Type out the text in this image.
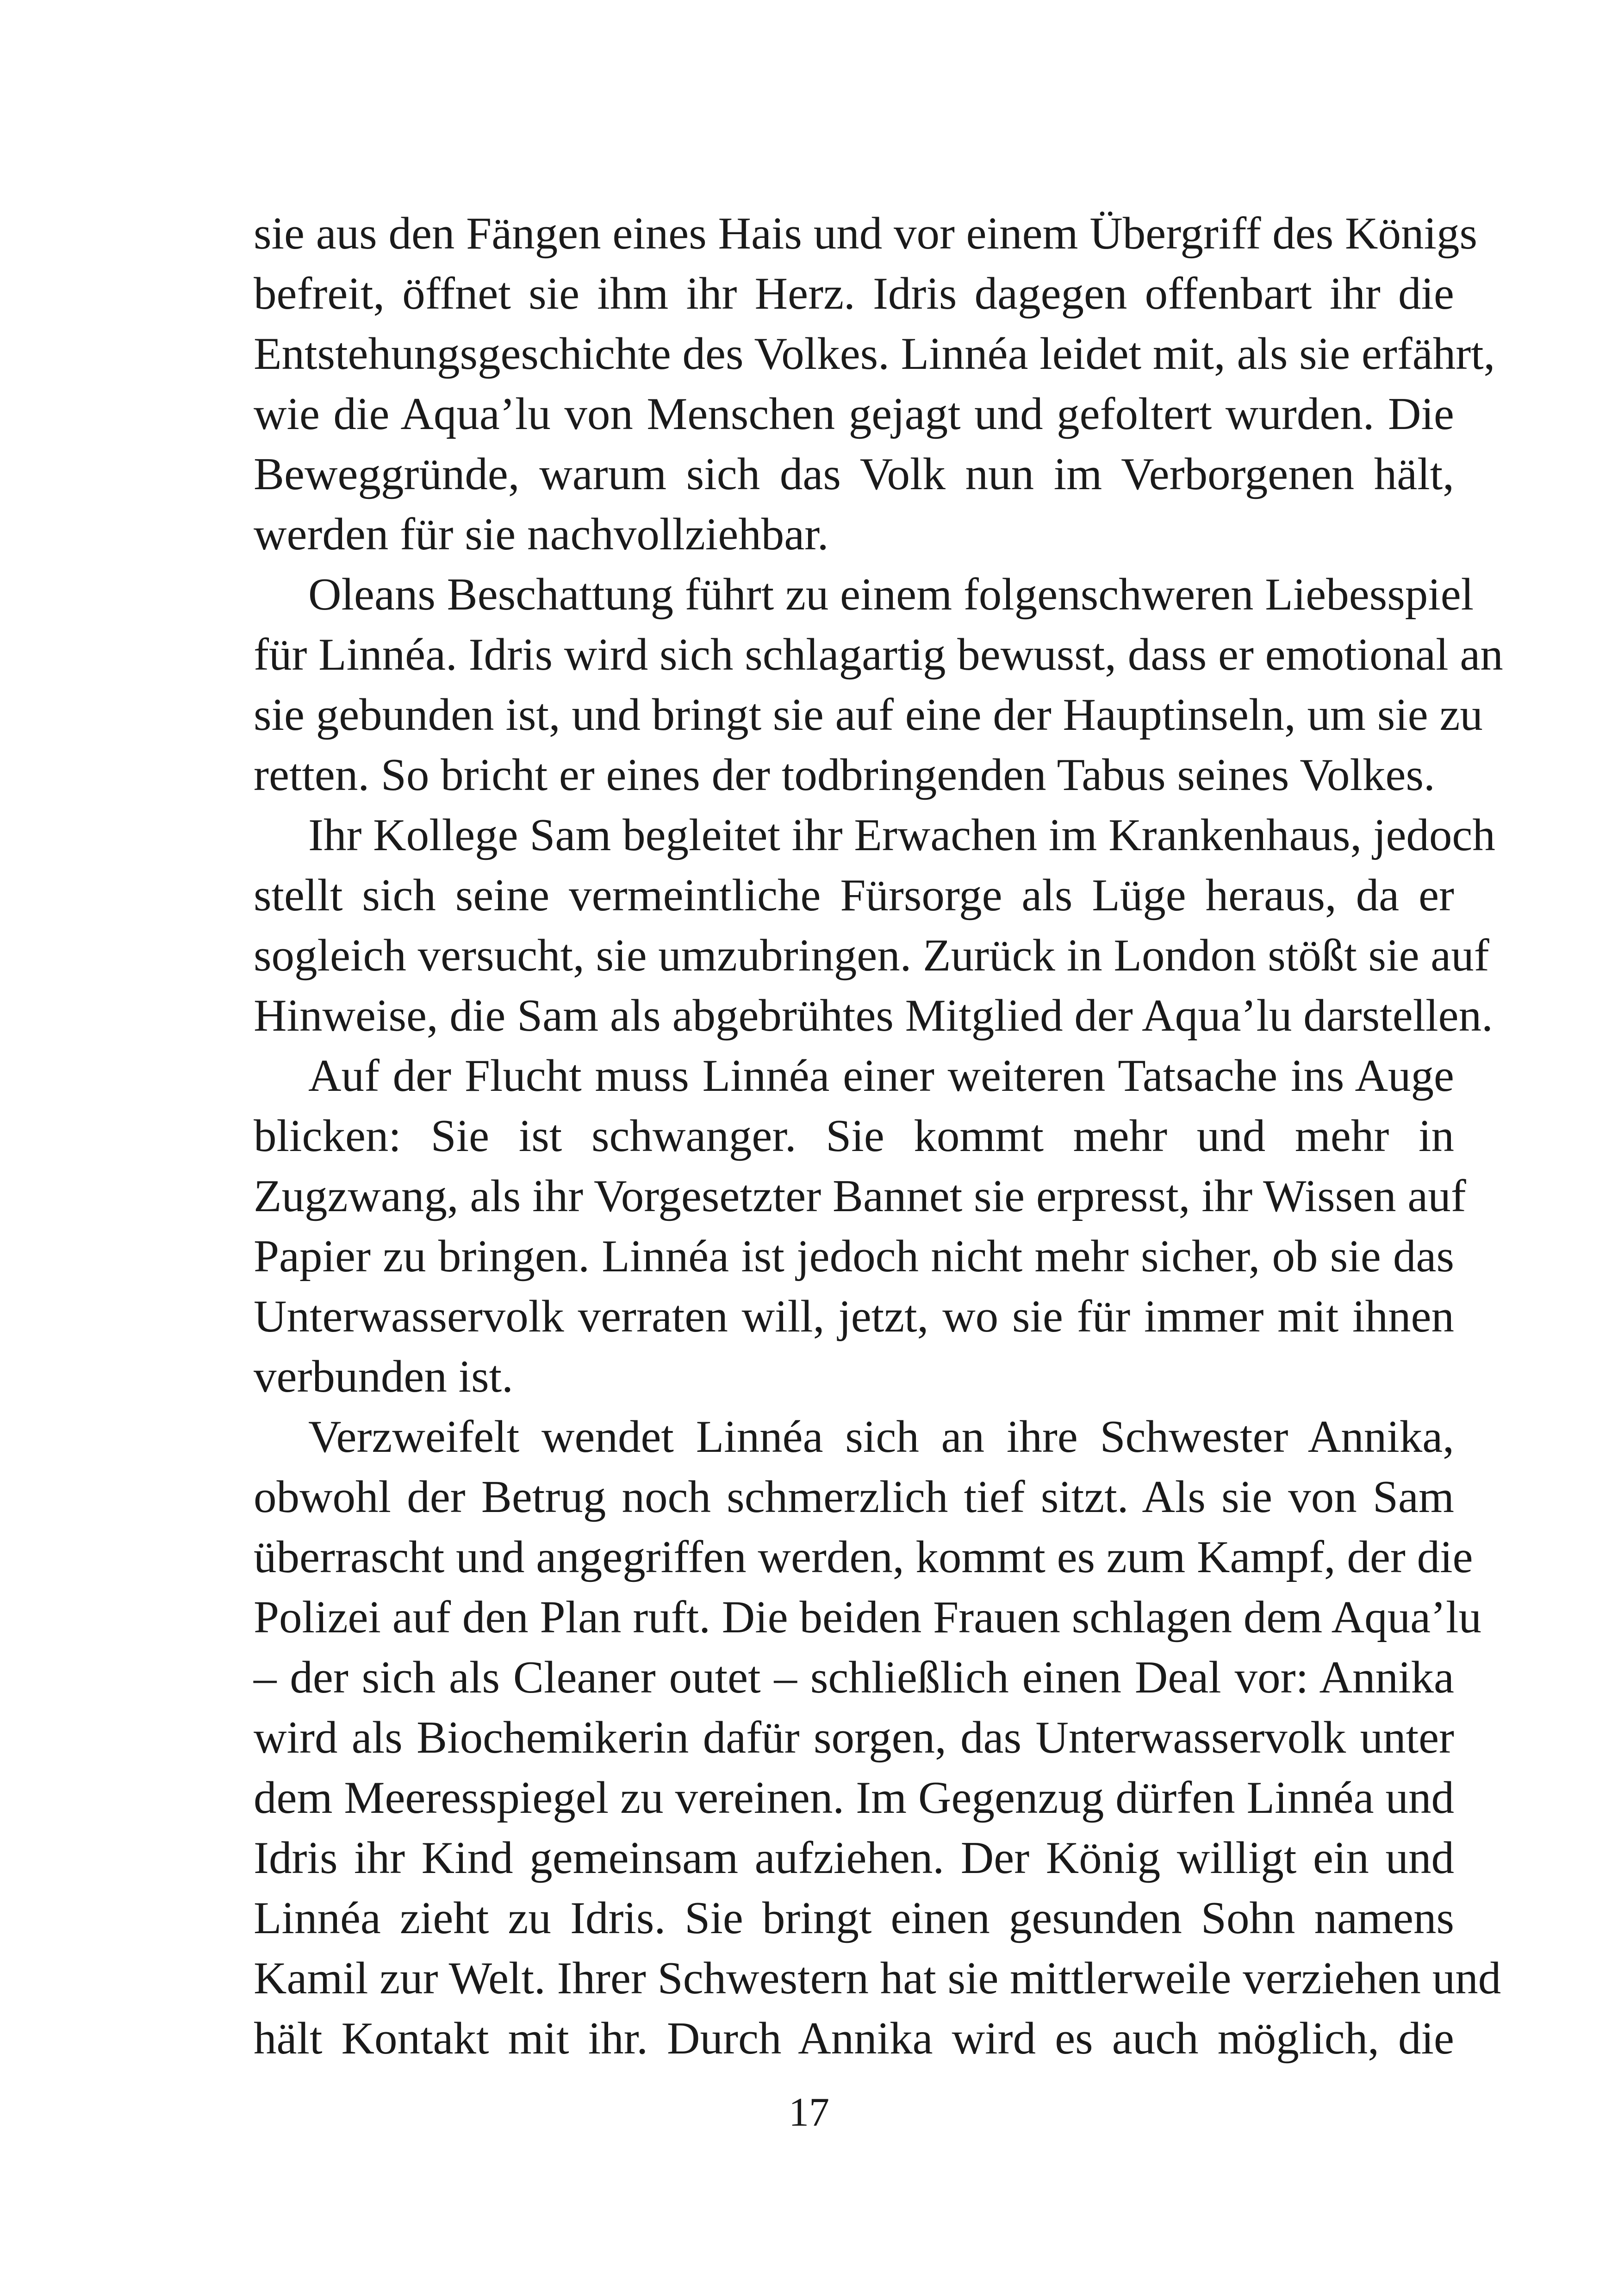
sie aus den Fängen eines Hais und vor einem Übergriff des Königs
befreit, öffnet sie ihm ihr Herz. Idris dagegen offenbart ihr die
Entstehungsgeschichte des Volkes. Linnéa leidet mit, als sie erfährt,
wie die Aqua’lu von Menschen gejagt und gefoltert wurden. Die
Beweggründe, warum sich das Volk nun im Verborgenen hält,
werden für sie nachvollziehbar.

Oleans Beschattung führt zu einem folgenschweren Liebesspiel
für Linnéa. Idris wird sich schlagartig bewusst, dass er emotional an
sie gebunden ist, und bringt sie auf eine der Hauptinseln, um sie zu
retten. So bricht er eines der todbringenden Tabus seines Volkes.

Ihr Kollege Sam begleitet ihr Erwachen im Krankenhaus, jedoch
stellt sich seine vermeintliche Fürsorge als Lüge heraus, da er
sogleich versucht, sie umzubringen. Zurück in London stößt sie auf
Hinweise, die Sam als abgebrühtes Mitglied der Aqua’lu darstellen.

Auf der Flucht muss Linnéa einer weiteren Tatsache ins Auge
blicken: Sie ist schwanger. Sie kommt mehr und mehr in
Zugzwang, als ihr Vorgesetzter Bannet sie erpresst, ihr Wissen auf
Papier zu bringen. Linnéa ist jedoch nicht mehr sicher, ob sie das
Unterwasservolk verraten will, jetzt, wo sie für immer mit ihnen
verbunden ist.

Verzweifelt wendet Linnéa sich an ihre Schwester Annika,
obwohl der Betrug noch schmerzlich tief sitzt. Als sie von Sam
überrascht und angegriffen werden, kommt es zum Kampf, der die
Polizei auf den Plan ruft. Die beiden Frauen schlagen dem Aqua’lu
– der sich als Cleaner outet – schließlich einen Deal vor: Annika
wird als Biochemikerin dafür sorgen, das Unterwasservolk unter
dem Meeresspiegel zu vereinen. Im Gegenzug dürfen Linnéa und
Idris ihr Kind gemeinsam aufziehen. Der König willigt ein und
Linnéa zieht zu Idris. Sie bringt einen gesunden Sohn namens
Kamil zur Welt. Ihrer Schwestern hat sie mittlerweile verziehen und
hält Kontakt mit ihr. Durch Annika wird es auch möglich, die

17
